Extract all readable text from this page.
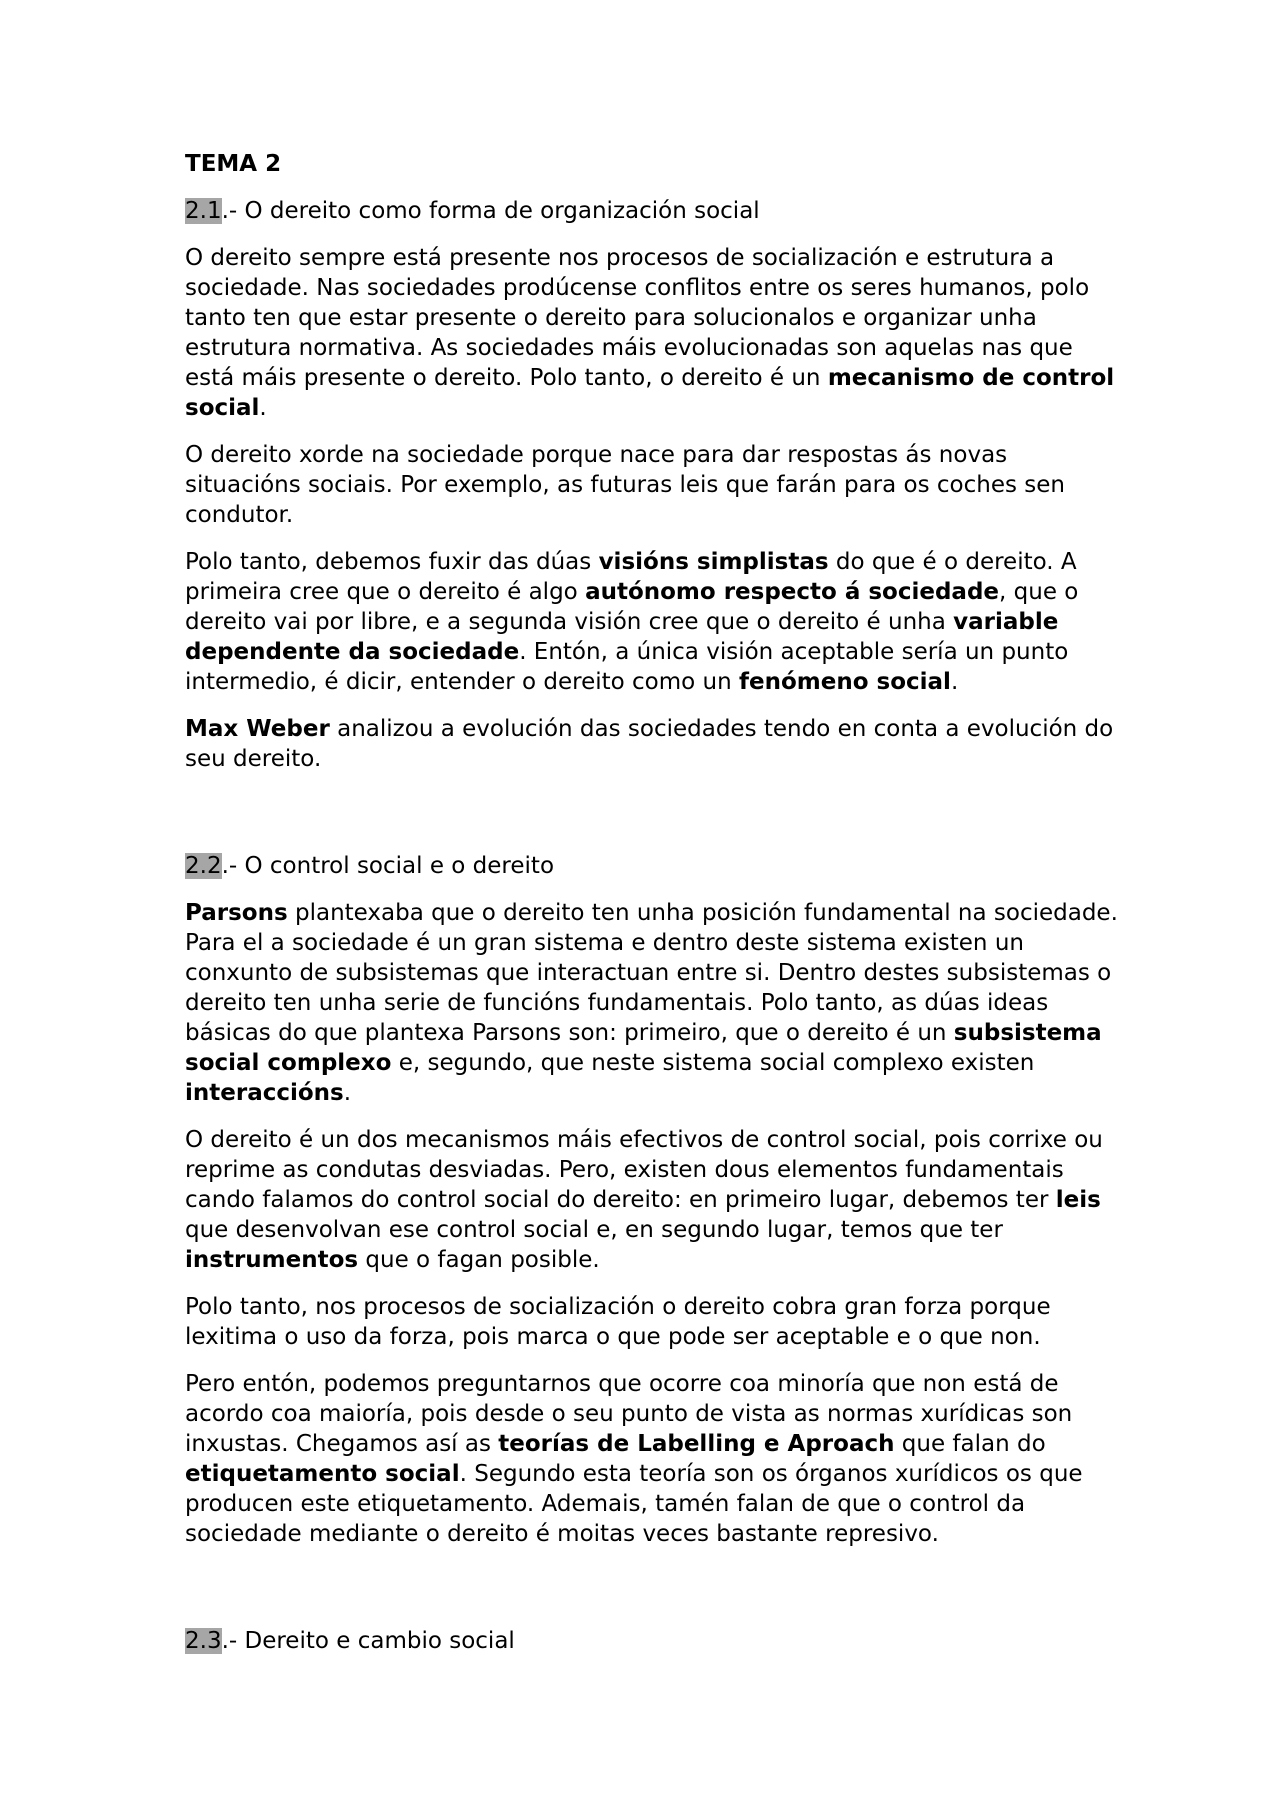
TEMA 2

2.1.- O dereito como forma de organización social

O dereito sempre está presente nos procesos de socialización e estrutura a sociedade. Nas sociedades prodúcense conflitos entre os seres humanos, polo tanto ten que estar presente o dereito para solucionalos e organizar unha estrutura normativa. As sociedades máis evolucionadas son aquelas nas que está máis presente o dereito. Polo tanto, o dereito é un mecanismo de control social.

O dereito xorde na sociedade porque nace para dar respostas ás novas situacións sociais. Por exemplo, as futuras leis que farán para os coches sen condutor.

Polo tanto, debemos fuxir das dúas visións simplistas do que é o dereito. A primeira cree que o dereito é algo autónomo respecto á sociedade, que o dereito vai por libre, e a segunda visión cree que o dereito é unha variable dependente da sociedade. Entón, a única visión aceptable sería un punto intermedio, é dicir, entender o dereito como un fenómeno social.

Max Weber analizou a evolución das sociedades tendo en conta a evolución do seu dereito.

2.2.- O control social e o dereito

Parsons plantexaba que o dereito ten unha posición fundamental na sociedade. Para el a sociedade é un gran sistema e dentro deste sistema existen un conxunto de subsistemas que interactuan entre si. Dentro destes subsistemas o dereito ten unha serie de funcións fundamentais. Polo tanto, as dúas ideas básicas do que plantexa Parsons son: primeiro, que o dereito é un subsistema social complexo e, segundo, que neste sistema social complexo existen interaccións.

O dereito é un dos mecanismos máis efectivos de control social, pois corrixe ou reprime as condutas desviadas. Pero, existen dous elementos fundamentais cando falamos do control social do dereito: en primeiro lugar, debemos ter leis que desenvolvan ese control social e, en segundo lugar, temos que ter instrumentos que o fagan posible.

Polo tanto, nos procesos de socialización o dereito cobra gran forza porque lexitima o uso da forza, pois marca o que pode ser aceptable e o que non.

Pero entón, podemos preguntarnos que ocorre coa minoría que non está de acordo coa maioría, pois desde o seu punto de vista as normas xurídicas son inxustas. Chegamos así as teorías de Labelling e Aproach que falan do etiquetamento social. Segundo esta teoría son os órganos xurídicos os que producen este etiquetamento. Ademais, tamén falan de que o control da sociedade mediante o dereito é moitas veces bastante represivo.

2.3.- Dereito e cambio social
